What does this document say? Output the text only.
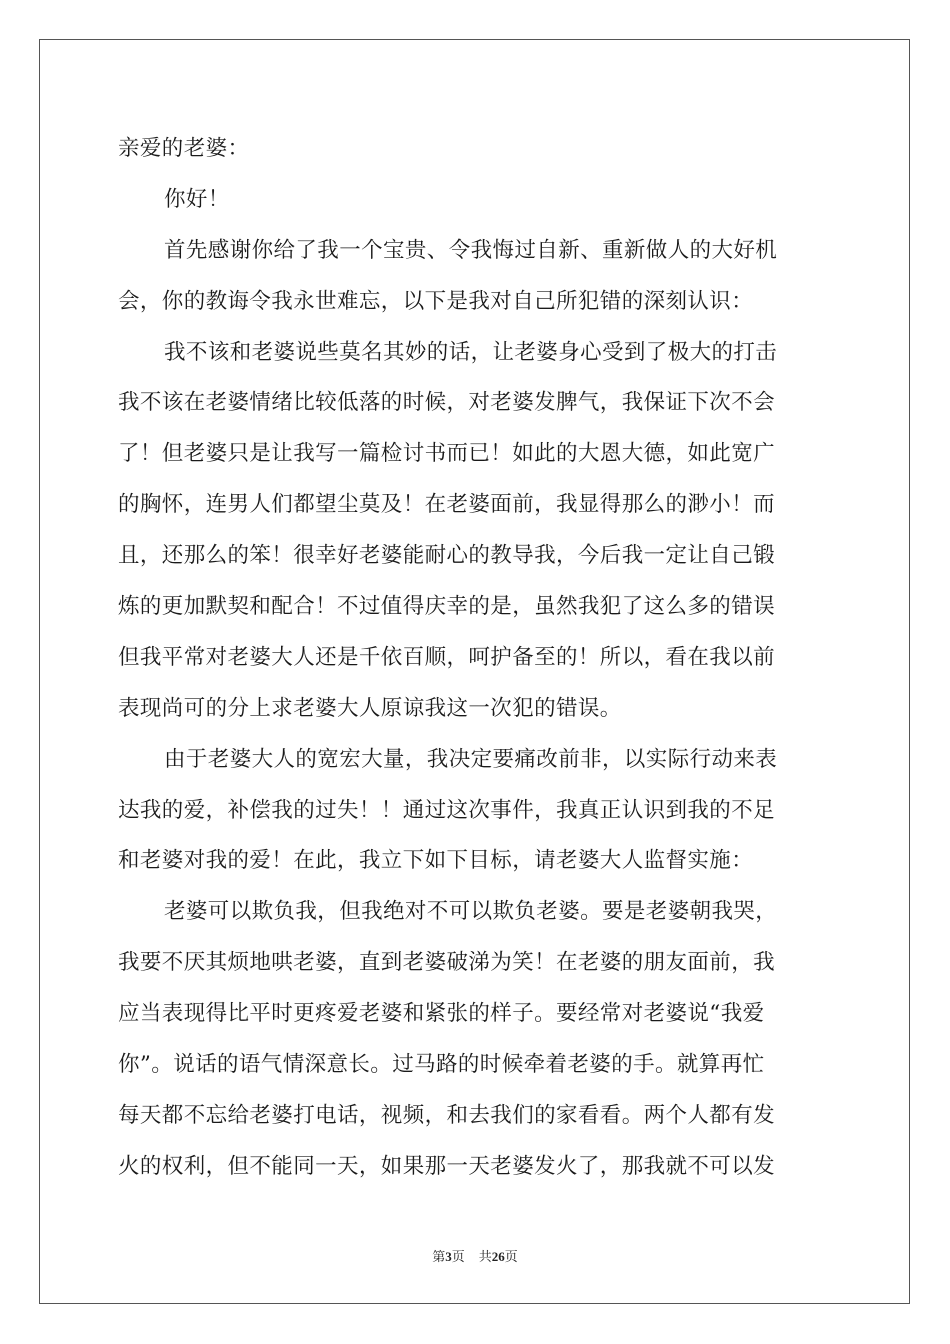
亲爱的老婆：
你好！
首先感谢你给了我一个宝贵、令我悔过自新、重新做人的大好机
会，你的教诲令我永世难忘，以下是我对自己所犯错的深刻认识：
我不该和老婆说些莫名其妙的话，让老婆身心受到了极大的打击
我不该在老婆情绪比较低落的时候，对老婆发脾气，我保证下次不会
了！但老婆只是让我写一篇检讨书而已！如此的大恩大德，如此宽广
的胸怀，连男人们都望尘莫及！在老婆面前，我显得那么的渺小！而
且，还那么的笨！很幸好老婆能耐心的教导我，今后我一定让自己锻
炼的更加默契和配合！不过值得庆幸的是，虽然我犯了这么多的错误
但我平常对老婆大人还是千依百顺，呵护备至的！所以，看在我以前
表现尚可的分上求老婆大人原谅我这一次犯的错误。
由于老婆大人的宽宏大量，我决定要痛改前非，以实际行动来表
达我的爱，补偿我的过失！！通过这次事件，我真正认识到我的不足
和老婆对我的爱！在此，我立下如下目标，请老婆大人监督实施：
老婆可以欺负我，但我绝对不可以欺负老婆。要是老婆朝我哭，
我要不厌其烦地哄老婆，直到老婆破涕为笑！在老婆的朋友面前，我
应当表现得比平时更疼爱老婆和紧张的样子。要经常对老婆说“我爱
你”。说话的语气情深意长。过马路的时候牵着老婆的手。就算再忙
每天都不忘给老婆打电话，视频，和去我们的家看看。两个人都有发
火的权利，但不能同一天，如果那一天老婆发火了，那我就不可以发
第3页 共26页
